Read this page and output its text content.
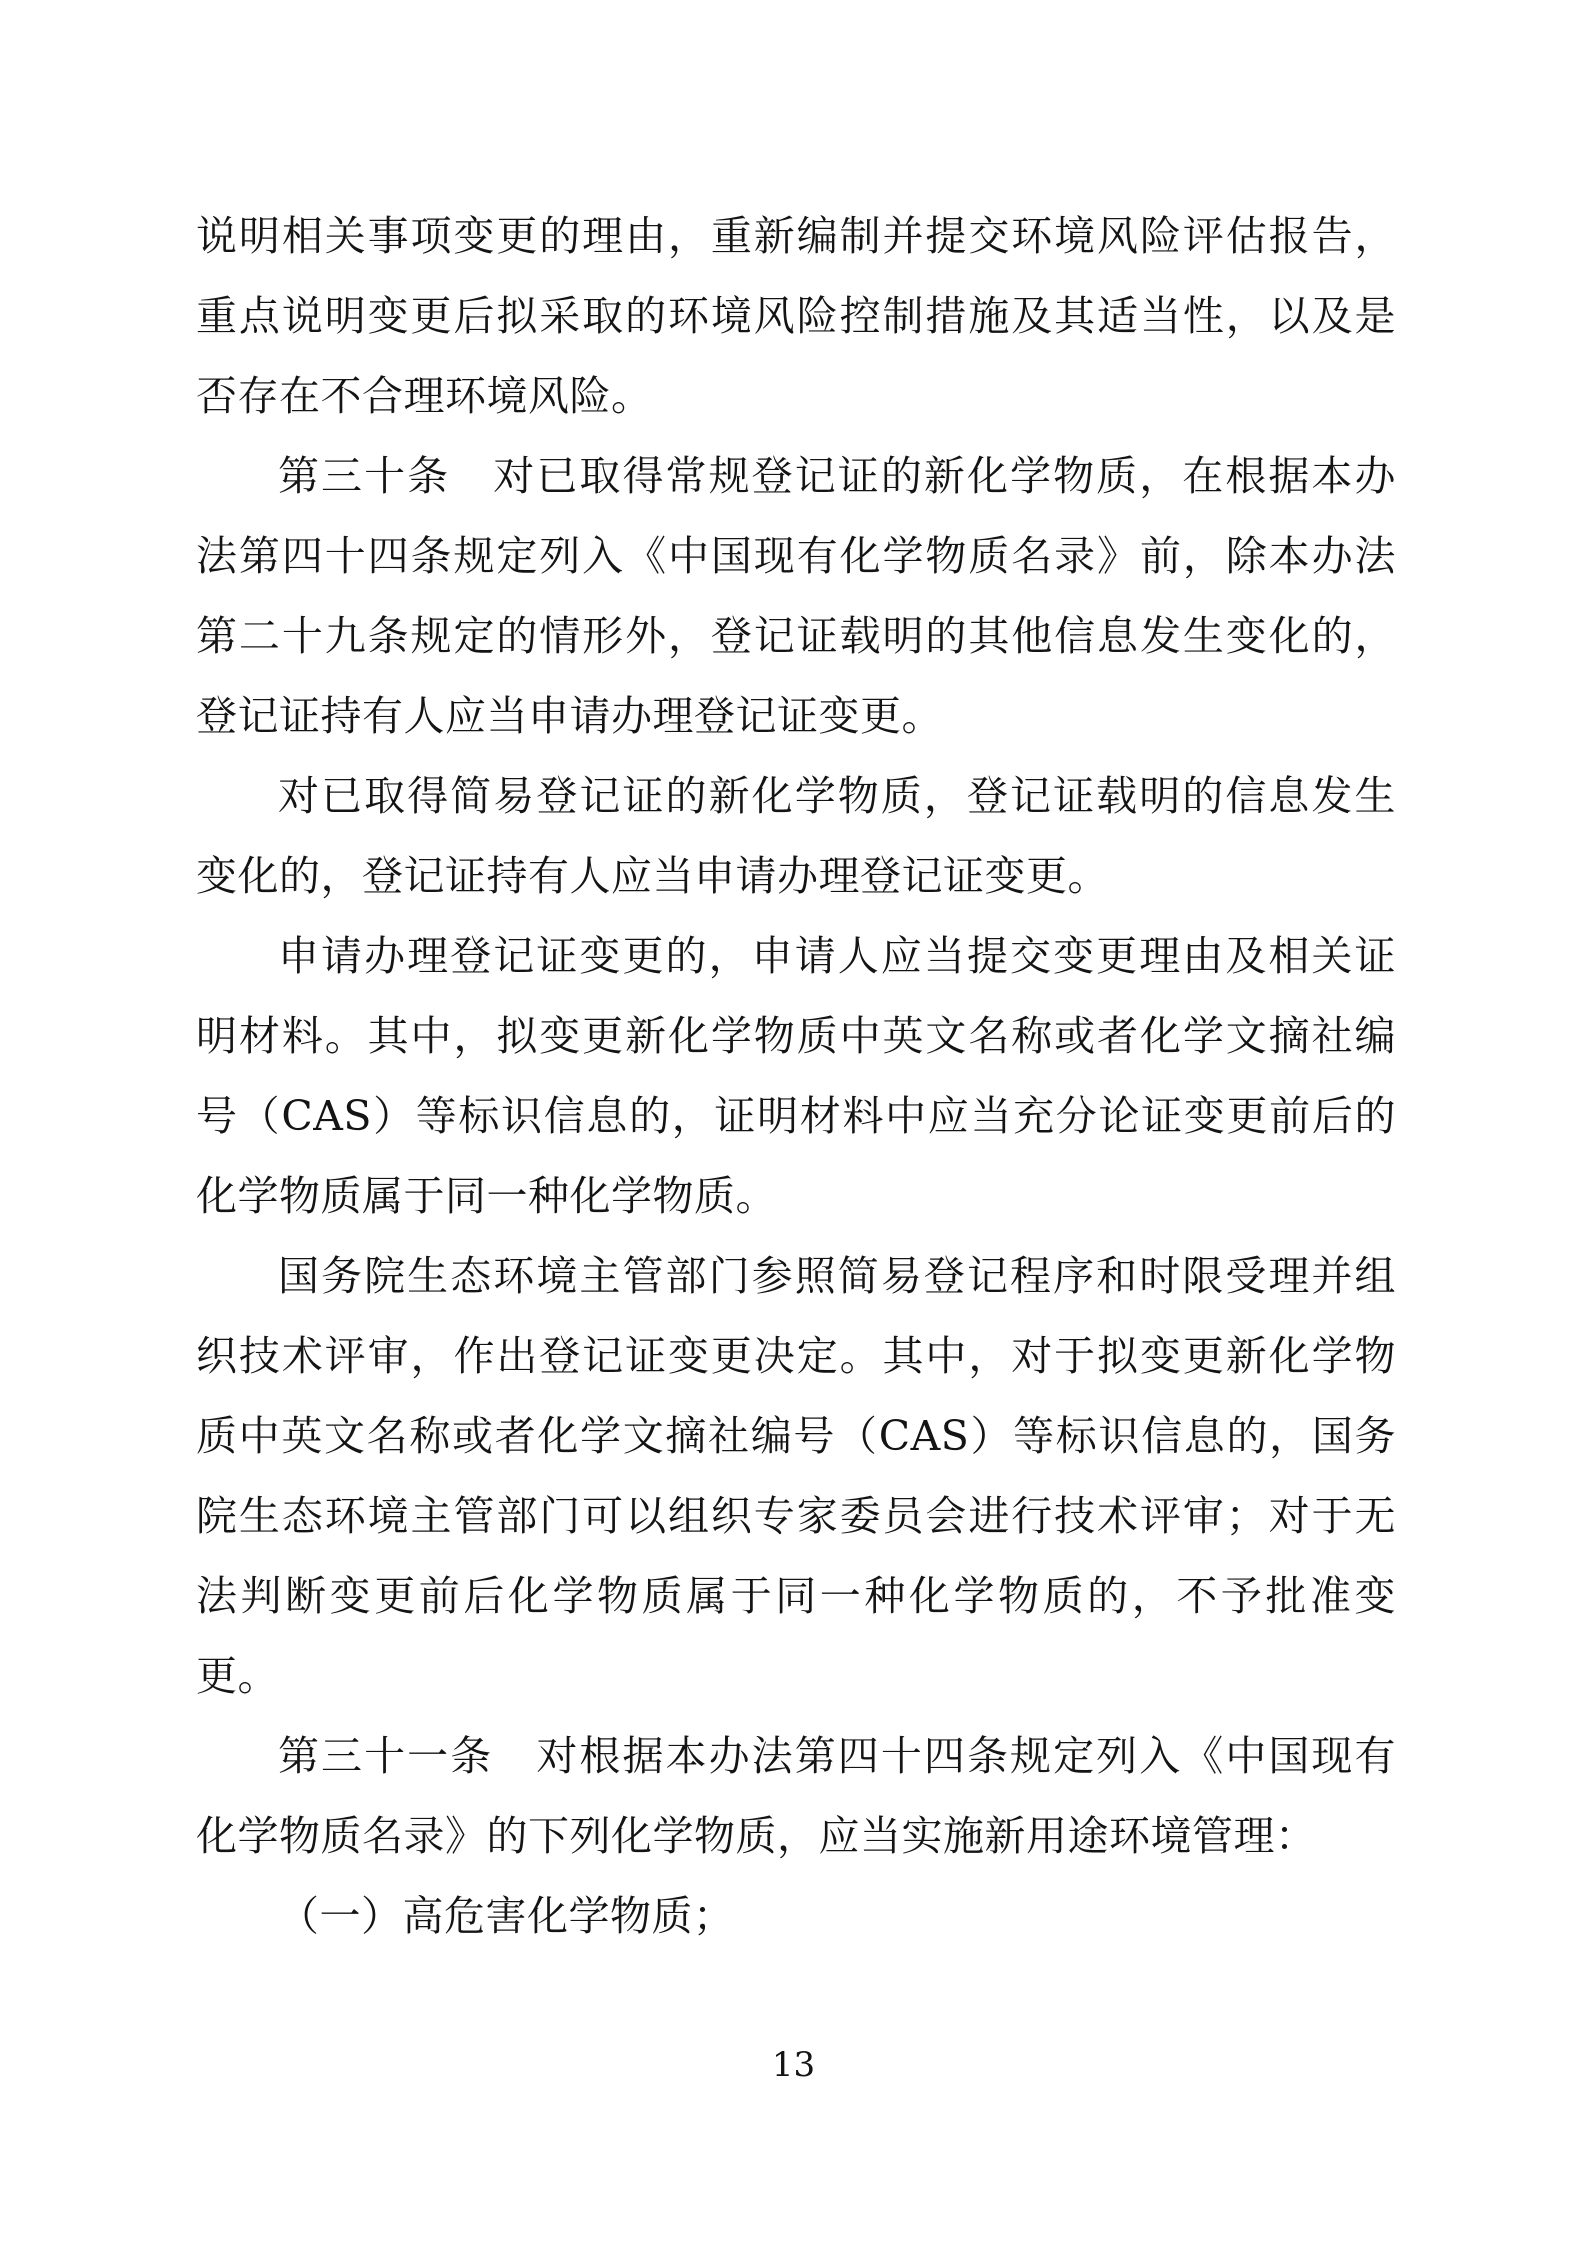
说明相关事项变更的理由，重新编制并提交环境风险评估报告，重点说明变更后拟采取的环境风险控制措施及其适当性，以及是否存在不合理环境风险。

第三十条　对已取得常规登记证的新化学物质，在根据本办法第四十四条规定列入《中国现有化学物质名录》前，除本办法第二十九条规定的情形外，登记证载明的其他信息发生变化的，登记证持有人应当申请办理登记证变更。

对已取得简易登记证的新化学物质，登记证载明的信息发生变化的，登记证持有人应当申请办理登记证变更。

申请办理登记证变更的，申请人应当提交变更理由及相关证明材料。其中，拟变更新化学物质中英文名称或者化学文摘社编号（CAS）等标识信息的，证明材料中应当充分论证变更前后的化学物质属于同一种化学物质。

国务院生态环境主管部门参照简易登记程序和时限受理并组织技术评审，作出登记证变更决定。其中，对于拟变更新化学物质中英文名称或者化学文摘社编号（CAS）等标识信息的，国务院生态环境主管部门可以组织专家委员会进行技术评审；对于无法判断变更前后化学物质属于同一种化学物质的，不予批准变更。

第三十一条　对根据本办法第四十四条规定列入《中国现有化学物质名录》的下列化学物质，应当实施新用途环境管理：

（一）高危害化学物质；

13
